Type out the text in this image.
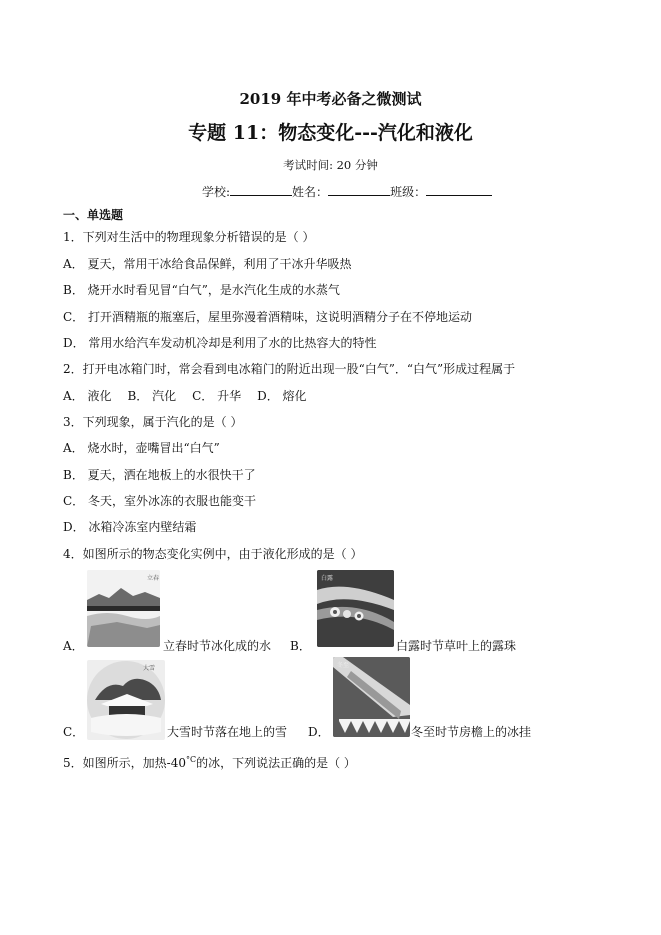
2019 年中考必备之微测试
专题 11：物态变化---汽化和液化
考试时间: 20 分钟
学校:	姓名：	班级：
一、单选题
1．下列对生活中的物理现象分析错误的是（ ）
A． 夏天，常用干冰给食品保鲜，利用了干冰升华吸热
B． 烧开水时看见冒“白气”，是水汽化生成的水蒸气
C． 打开酒精瓶的瓶塞后，屋里弥漫着酒精味，这说明酒精分子在不停地运动
D． 常用水给汽车发动机冷却是利用了水的比热容大的特性
2．打开电冰箱门时，常会看到电冰箱门的附近出现一股“白气”．“白气”形成过程属于
A． 液化 B． 汽化 C． 升华 D． 熔化
3．下列现象，属于汽化的是（ ）
A． 烧水时，壶嘴冒出“白气”
B． 夏天，洒在地板上的水很快干了
C． 冬天，室外冰冻的衣服也能变干
D． 冰箱冷冻室内壁结霜
4．如图所示的物态变化实例中，由于液化形成的是（ ）
立春
A．	立春时节冰化成的水
白露
B．	白露时节草叶上的露珠
大雪
C．	大雪时节落在地上的雪
冬至
D．	冬至时节房檐上的冰挂
5．如图所示，加热$-40^{^\circ C}$的冰，下列说法正确的是（ ）
